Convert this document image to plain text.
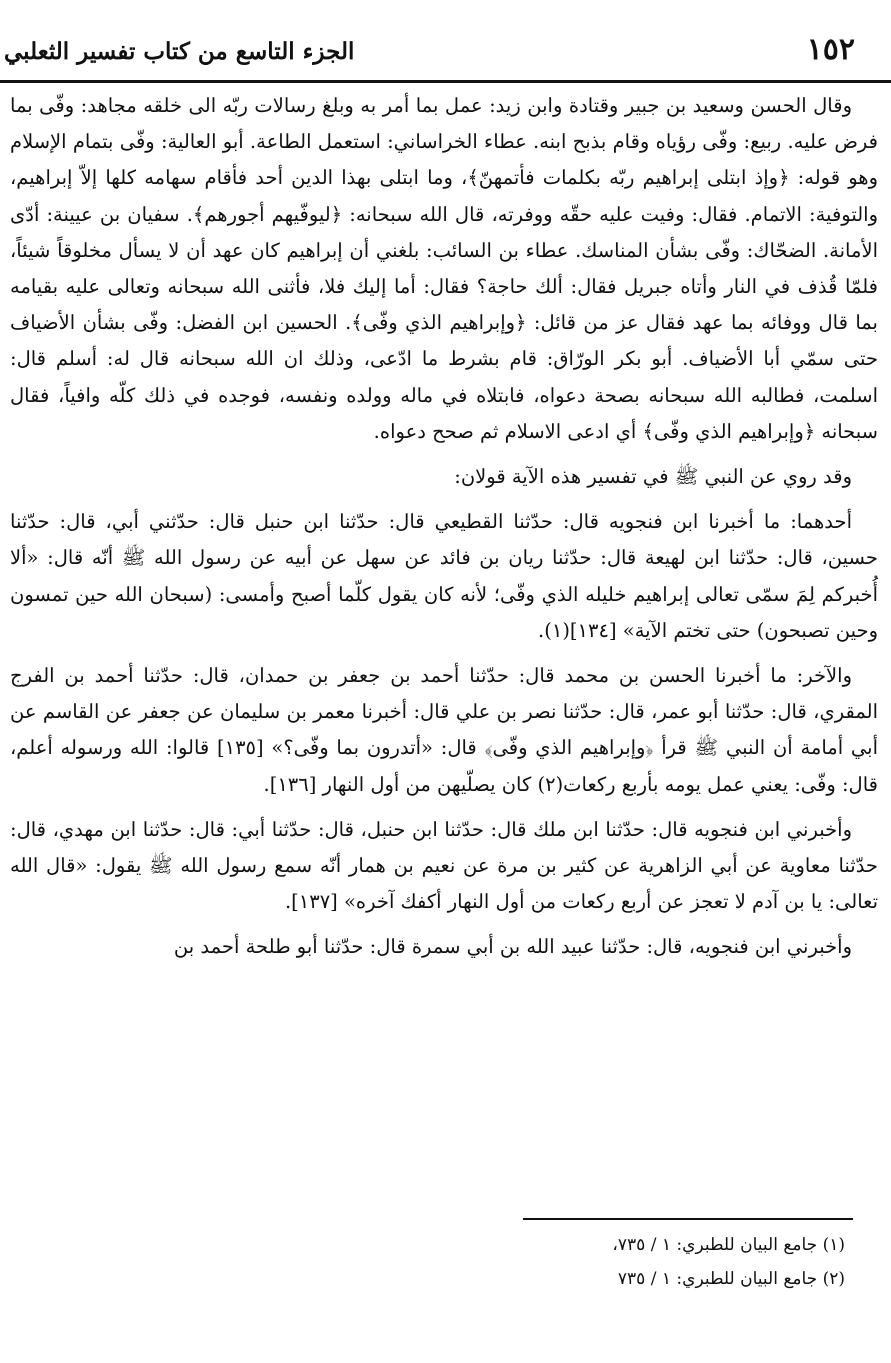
١٥٢
الجزء التاسع من كتاب تفسير الثعلبي

وقال الحسن وسعيد بن جبير وقتادة وابن زيد: عمل بما أمر به وبلغ رسالات ربّه الى خلقه مجاهد: وفّى بما فرض عليه. ربيع: وفّى رؤياه وقام بذبح ابنه. عطاء الخراساني: استعمل الطاعة. أبو العالية: وفّى بتمام الإسلام وهو قوله: ﴿وإذ ابتلى إبراهيم ربّه بكلمات فأتمهنّ﴾، وما ابتلى بهذا الدين أحد فأقام سهامه كلها إلاّ إبراهيم، والتوفية: الاتمام. فقال: وفيت عليه حقّه ووفرته، قال الله سبحانه: ﴿ليوفّيهم أجورهم﴾. سفيان بن عيينة: أدّى الأمانة. الضحّاك: وفّى بشأن المناسك. عطاء بن السائب: بلغني أن إبراهيم كان عهد أن لا يسأل مخلوقاً شيئاً، فلمّا قُذف في النار وأتاه جبريل فقال: ألك حاجة؟ فقال: أما إليك فلا، فأثنى الله سبحانه وتعالى عليه بقيامه بما قال ووفائه بما عهد فقال عز من قائل: ﴿وإبراهيم الذي وفّى﴾. الحسين ابن الفضل: وفّى بشأن الأضياف حتى سمّي أبا الأضياف. أبو بكر الورّاق: قام بشرط ما ادّعى، وذلك ان الله سبحانه قال له: أسلم قال: اسلمت، فطالبه الله سبحانه بصحة دعواه، فابتلاه في ماله وولده ونفسه، فوجده في ذلك كلّه وافياً، فقال سبحانه ﴿وإبراهيم الذي وفّى﴾ أي ادعى الاسلام ثم صحح دعواه.

وقد روي عن النبي ﷺ في تفسير هذه الآية قولان:

أحدهما: ما أخبرنا ابن فنجويه قال: حدّثنا القطيعي قال: حدّثنا ابن حنبل قال: حدّثني أبي، قال: حدّثنا حسين، قال: حدّثنا ابن لهيعة قال: حدّثنا ريان بن فائد عن سهل عن أبيه عن رسول الله ﷺ أنّه قال: «ألا أُخبركم لِمَ سمّى تعالى إبراهيم خليله الذي وفّى؛ لأنه كان يقول كلّما أصبح وأمسى: (سبحان الله حين تمسون وحين تصبحون) حتى تختم الآية» [١٣٤](١).

والآخر: ما أخبرنا الحسن بن محمد قال: حدّثنا أحمد بن جعفر بن حمدان، قال: حدّثنا أحمد بن الفرج المقري، قال: حدّثنا أبو عمر، قال: حدّثنا نصر بن علي قال: أخبرنا معمر بن سليمان عن جعفر عن القاسم عن أبي أمامة أن النبي ﷺ قرأ ﴿وإبراهيم الذي وفّى﴾ قال: «أتدرون بما وفّى؟» [١٣٥] قالوا: الله ورسوله أعلم، قال: وفّى: يعني عمل يومه بأربع ركعات(٢) كان يصلّيهن من أول النهار [١٣٦].

وأخبرني ابن فنجويه قال: حدّثنا ابن ملك قال: حدّثنا ابن حنبل، قال: حدّثنا أبي: قال: حدّثنا ابن مهدي، قال: حدّثنا معاوية عن أبي الزاهرية عن كثير بن مرة عن نعيم بن همار أنّه سمع رسول الله ﷺ يقول: «قال الله تعالى: يا بن آدم لا تعجز عن أربع ركعات من أول النهار أكفك آخره» [١٣٧].

وأخبرني ابن فنجويه، قال: حدّثنا عبيد الله بن أبي سمرة قال: حدّثنا أبو طلحة أحمد بن

(١) جامع البيان للطبري: ١ / ٧٣٥،
(٢) جامع البيان للطبري: ١ / ٧٣٥
